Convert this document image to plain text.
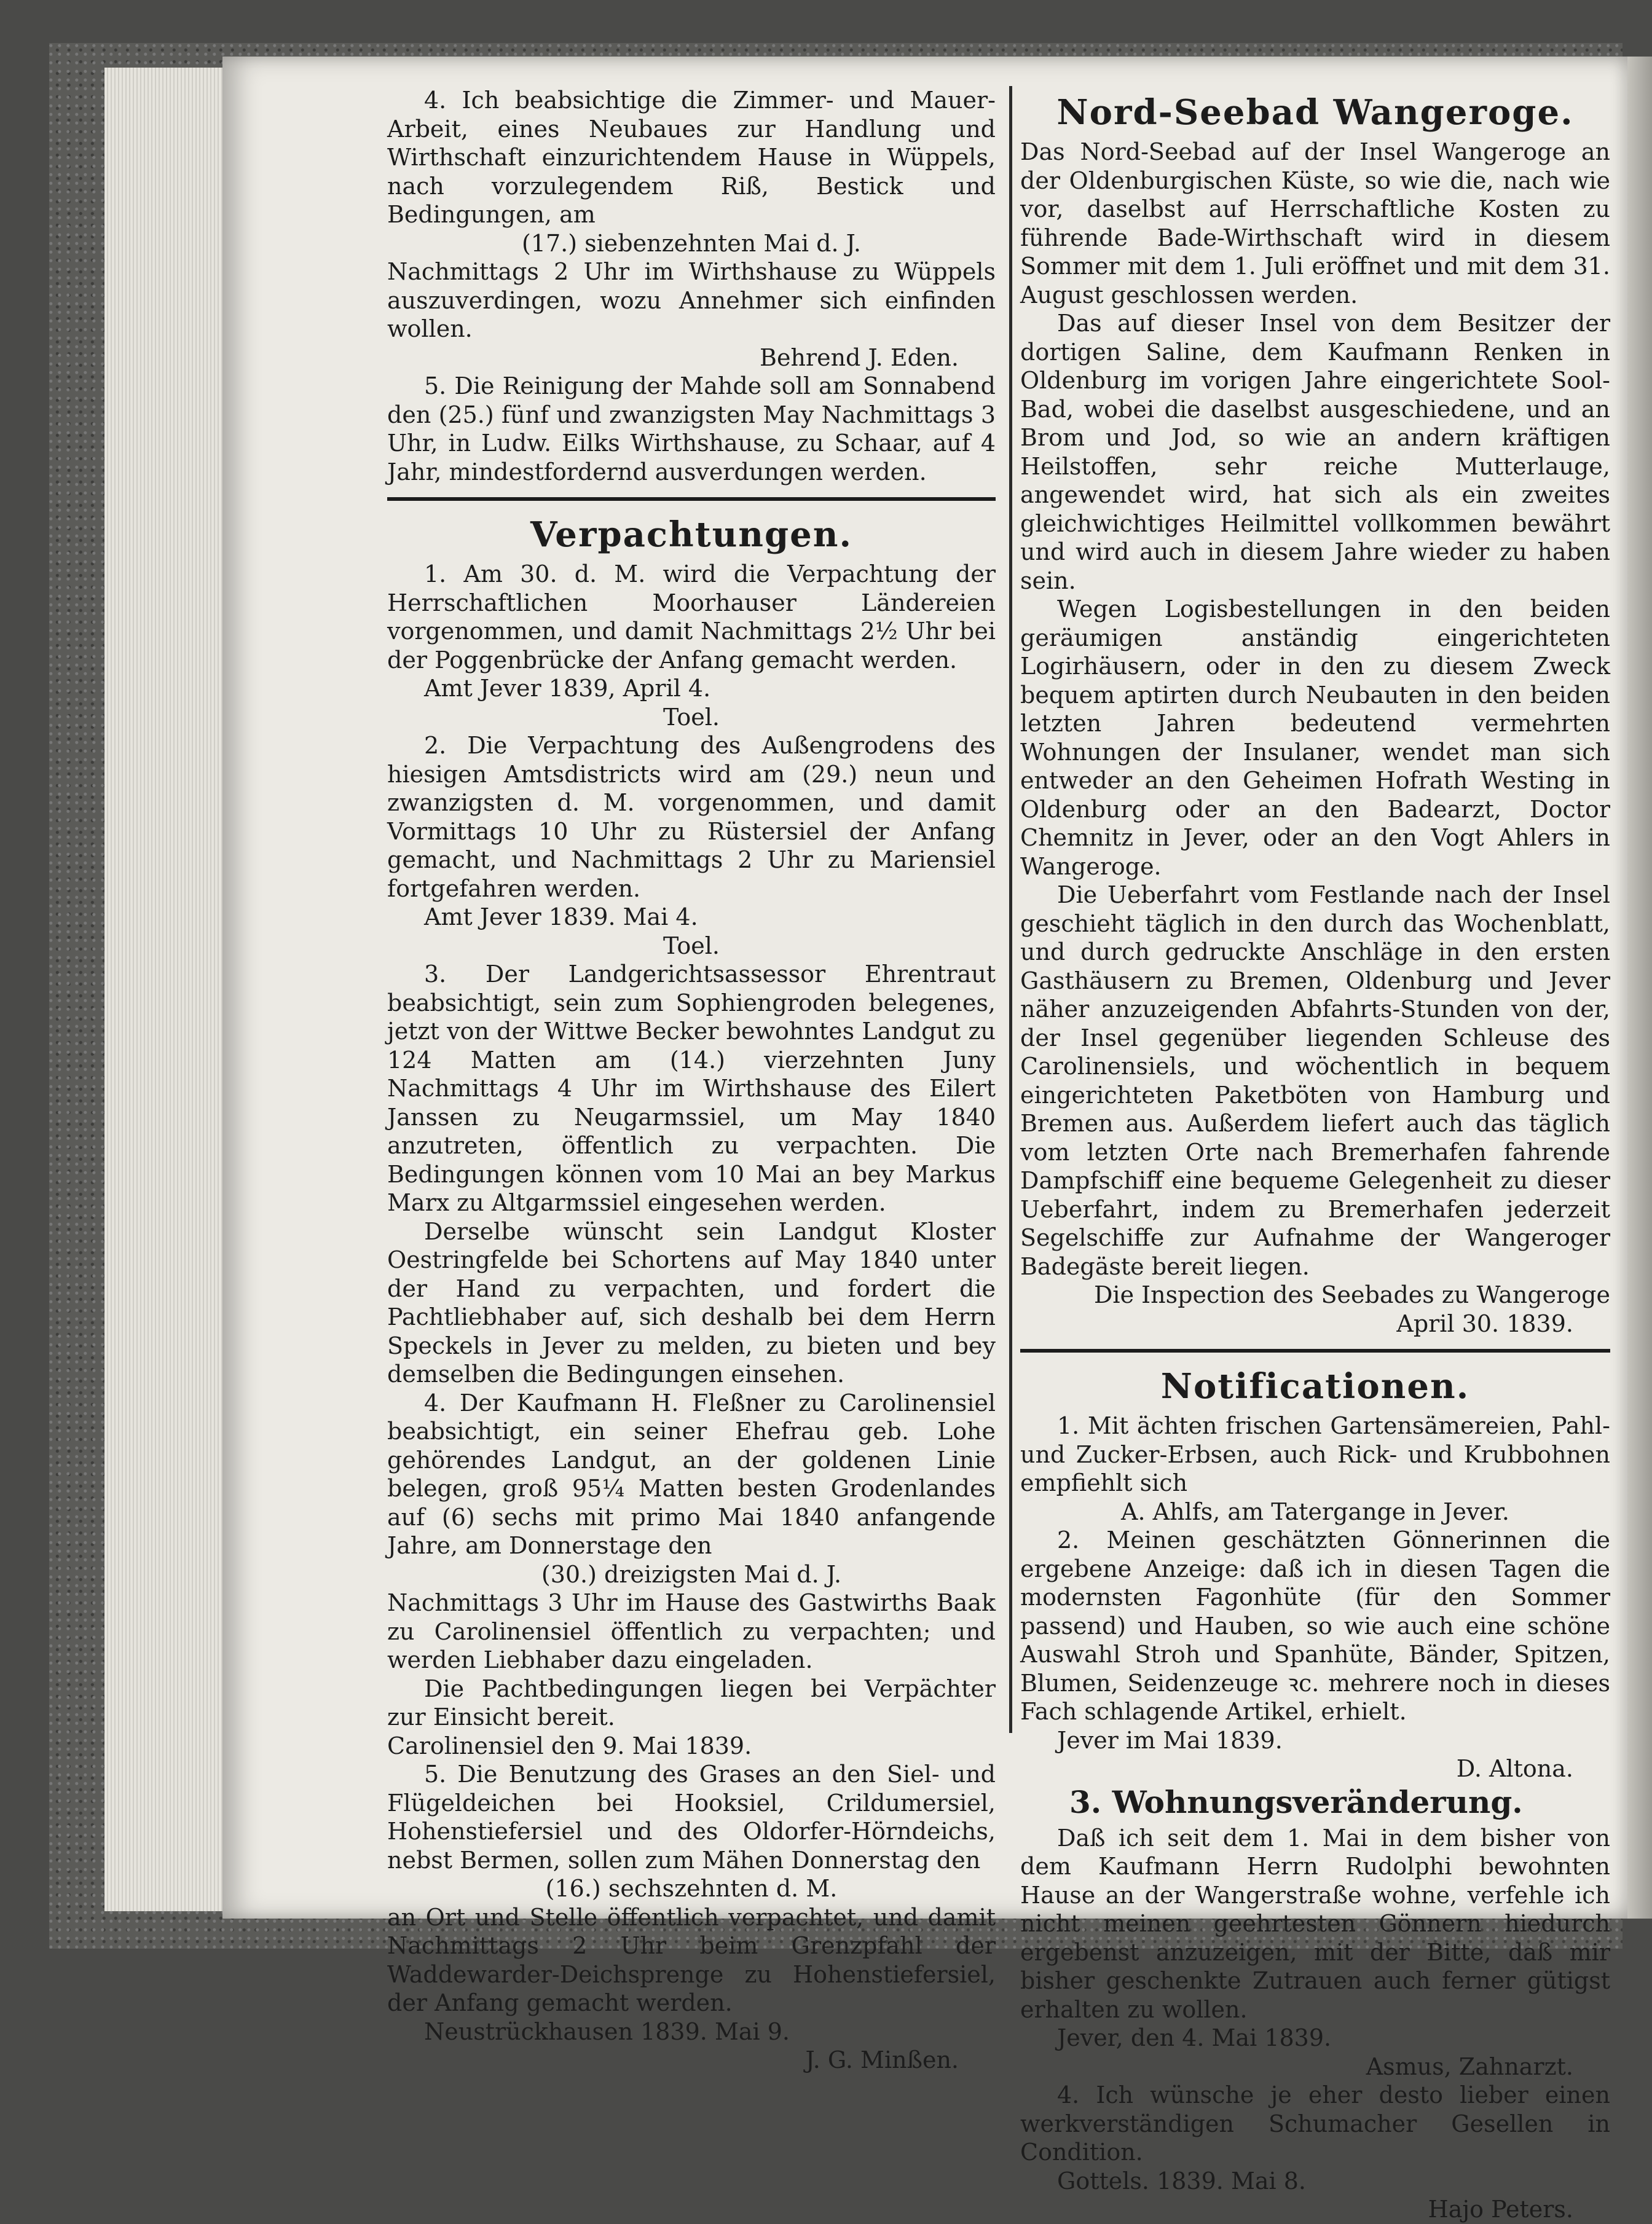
4. Ich beabsichtige die Zimmer- und Mauer-Arbeit, eines Neubaues zur Handlung und Wirthschaft einzurichtendem Hause in Wüppels, nach vorzulegendem Riß, Bestick und Bedingungen, am

(17.) siebenzehnten Mai d. J.

Nachmittags 2 Uhr im Wirthshause zu Wüppels auszuverdingen, wozu Annehmer sich einfinden wollen.

Behrend J. Eden.

5. Die Reinigung der Mahde soll am Sonnabend den (25.) fünf und zwanzigsten May Nachmittags 3 Uhr, in Ludw. Eilks Wirthshause, zu Schaar, auf 4 Jahr, mindestfordernd ausverdungen werden.

Verpachtungen.

1. Am 30. d. M. wird die Verpachtung der Herrschaftlichen Moorhauser Ländereien vorgenommen, und damit Nachmittags 2½ Uhr bei der Poggenbrücke der Anfang gemacht werden.

Amt Jever 1839, April 4.

Toel.

2. Die Verpachtung des Außengrodens des hiesigen Amtsdistricts wird am (29.) neun und zwanzigsten d. M. vorgenommen, und damit Vormittags 10 Uhr zu Rüstersiel der Anfang gemacht, und Nachmittags 2 Uhr zu Mariensiel fortgefahren werden.

Amt Jever 1839. Mai 4.

Toel.

3. Der Landgerichtsassessor Ehrentraut beabsichtigt, sein zum Sophiengroden belegenes, jetzt von der Wittwe Becker bewohntes Landgut zu 124 Matten am (14.) vierzehnten Juny Nachmittags 4 Uhr im Wirthshause des Eilert Janssen zu Neugarmssiel, um May 1840 anzutreten, öffentlich zu verpachten. Die Bedingungen können vom 10 Mai an bey Markus Marx zu Altgarmssiel eingesehen werden.

Derselbe wünscht sein Landgut Kloster Oestringfelde bei Schortens auf May 1840 unter der Hand zu verpachten, und fordert die Pachtliebhaber auf, sich deshalb bei dem Herrn Speckels in Jever zu melden, zu bieten und bey demselben die Bedingungen einsehen.

4. Der Kaufmann H. Fleßner zu Carolinensiel beabsichtigt, ein seiner Ehefrau geb. Lohe gehörendes Landgut, an der goldenen Linie belegen, groß 95¼ Matten besten Grodenlandes auf (6) sechs mit primo Mai 1840 anfangende Jahre, am Donnerstage den

(30.) dreizigsten Mai d. J.

Nachmittags 3 Uhr im Hause des Gastwirths Baak zu Carolinensiel öffentlich zu verpachten; und werden Liebhaber dazu eingeladen.

Die Pachtbedingungen liegen bei Verpächter zur Einsicht bereit.

Carolinensiel den 9. Mai 1839.

5. Die Benutzung des Grases an den Siel- und Flügeldeichen bei Hooksiel, Crildumersiel, Hohenstiefersiel und des Oldorfer-Hörndeichs, nebst Bermen, sollen zum Mähen Donnerstag den

(16.) sechszehnten d. M.

an Ort und Stelle öffentlich verpachtet, und damit Nachmittags 2 Uhr beim Grenzpfahl der Waddewarder-Deichsprenge zu Hohenstiefersiel, der Anfang gemacht werden.

Neustrückhausen 1839. Mai 9.

J. G. Minßen.

Nord-Seebad Wangeroge.

Das Nord-Seebad auf der Insel Wangeroge an der Oldenburgischen Küste, so wie die, nach wie vor, daselbst auf Herrschaftliche Kosten zu führende Bade-Wirthschaft wird in diesem Sommer mit dem 1. Juli eröffnet und mit dem 31. August geschlossen werden.

Das auf dieser Insel von dem Besitzer der dortigen Saline, dem Kaufmann Renken in Oldenburg im vorigen Jahre eingerichtete Sool-Bad, wobei die daselbst ausgeschiedene, und an Brom und Jod, so wie an andern kräftigen Heilstoffen, sehr reiche Mutterlauge, angewendet wird, hat sich als ein zweites gleichwichtiges Heilmittel vollkommen bewährt und wird auch in diesem Jahre wieder zu haben sein.

Wegen Logisbestellungen in den beiden geräumigen anständig eingerichteten Logirhäusern, oder in den zu diesem Zweck bequem aptirten durch Neubauten in den beiden letzten Jahren bedeutend vermehrten Wohnungen der Insulaner, wendet man sich entweder an den Geheimen Hofrath Westing in Oldenburg oder an den Badearzt, Doctor Chemnitz in Jever, oder an den Vogt Ahlers in Wangeroge.

Die Ueberfahrt vom Festlande nach der Insel geschieht täglich in den durch das Wochenblatt, und durch gedruckte Anschläge in den ersten Gasthäusern zu Bremen, Oldenburg und Jever näher anzuzeigenden Abfahrts-Stunden von der, der Insel gegenüber liegenden Schleuse des Carolinensiels, und wöchentlich in bequem eingerichteten Paketböten von Hamburg und Bremen aus. Außerdem liefert auch das täglich vom letzten Orte nach Bremerhafen fahrende Dampfschiff eine bequeme Gelegenheit zu dieser Ueberfahrt, indem zu Bremerhafen jederzeit Segelschiffe zur Aufnahme der Wangeroger Badegäste bereit liegen.

Die Inspection des Seebades zu Wangeroge

April 30. 1839.

Notificationen.

1. Mit ächten frischen Gartensämereien, Pahl- und Zucker-Erbsen, auch Rick- und Krubbohnen empfiehlt sich

A. Ahlfs, am Tatergange in Jever.

2. Meinen geschätzten Gönnerinnen die ergebene Anzeige: daß ich in diesen Tagen die modernsten Fagonhüte (für den Sommer passend) und Hauben, so wie auch eine schöne Auswahl Stroh und Spanhüte, Bänder, Spitzen, Blumen, Seidenzeuge ꝛc. mehrere noch in dieses Fach schlagende Artikel, erhielt.

Jever im Mai 1839.

D. Altona.

3. Wohnungsveränderung.

Daß ich seit dem 1. Mai in dem bisher von dem Kaufmann Herrn Rudolphi bewohnten Hause an der Wangerstraße wohne, verfehle ich nicht meinen geehrtesten Gönnern hiedurch ergebenst anzuzeigen, mit der Bitte, daß mir bisher geschenkte Zutrauen auch ferner gütigst erhalten zu wollen.

Jever, den 4. Mai 1839.

Asmus, Zahnarzt.

4. Ich wünsche je eher desto lieber einen werkverständigen Schumacher Gesellen in Condition.

Gottels. 1839. Mai 8.

Hajo Peters.
